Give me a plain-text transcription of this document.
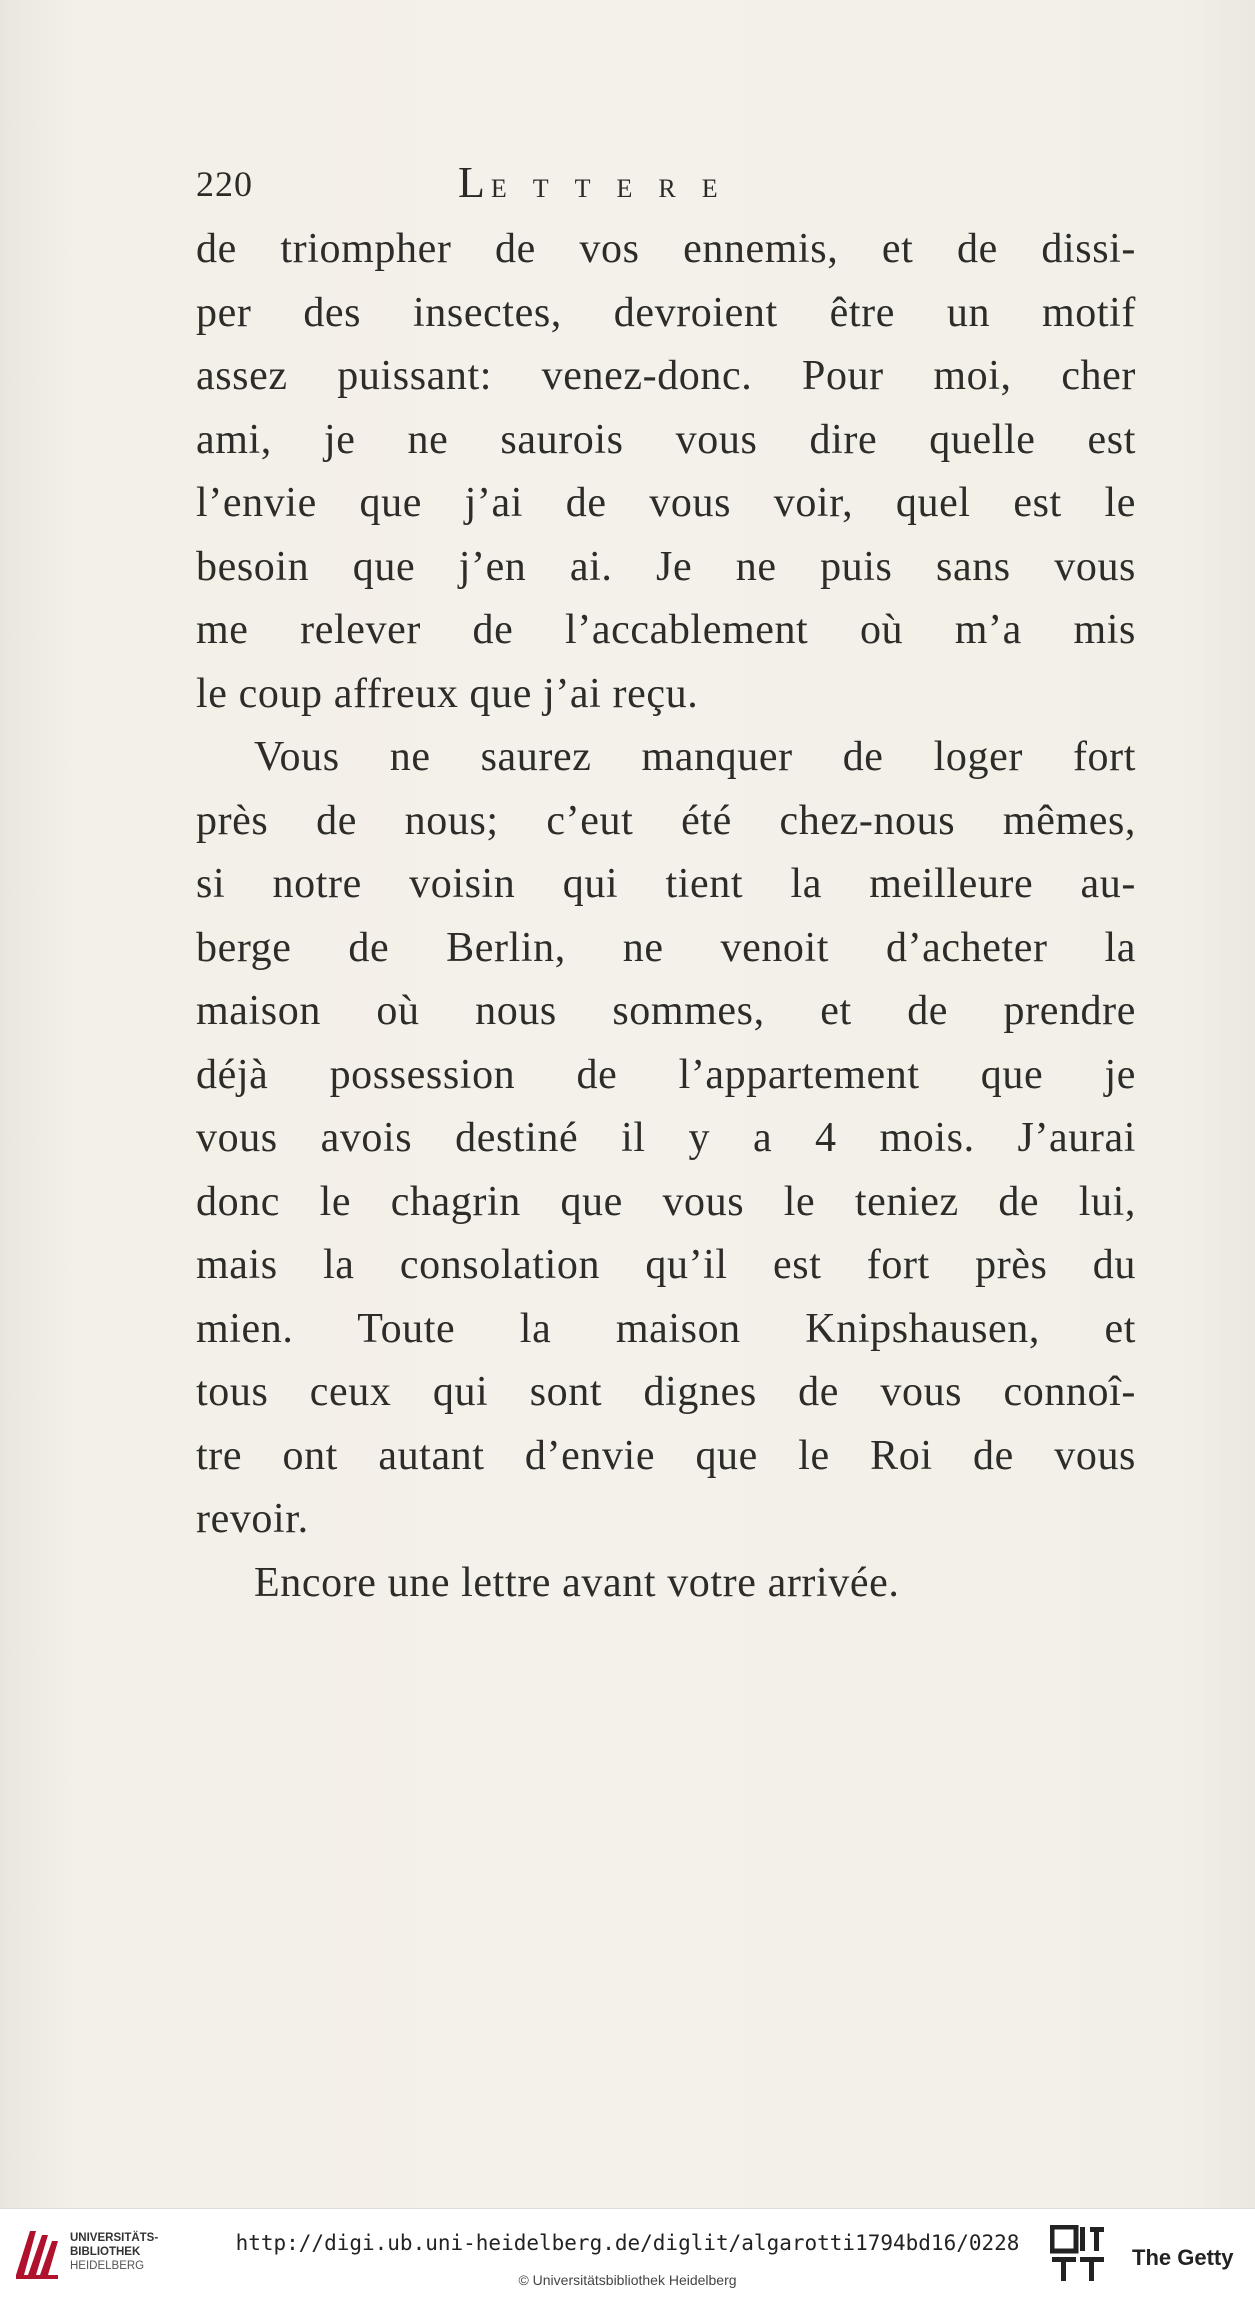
220	LETTERE
de triompher de vos ennemis, et de dissi-
per des insectes, devroient être un motif
assez puissant: venez-donc. Pour moi, cher
ami, je ne saurois vous dire quelle est
l’envie que j’ai de vous voir, quel est le
besoin que j’en ai. Je ne puis sans vous
me relever de l’accablement où m’a mis
le coup affreux que j’ai reçu.
Vous ne saurez manquer de loger fort
près de nous; c’eut été chez-nous mêmes,
si notre voisin qui tient la meilleure au-
berge de Berlin, ne venoit d’acheter la
maison où nous sommes, et de prendre
déjà possession de l’appartement que je
vous avois destiné il y a 4 mois. J’aurai
donc le chagrin que vous le teniez de lui,
mais la consolation qu’il est fort près du
mien. Toute la maison Knipshausen, et
tous ceux qui sont dignes de vous connoî-
tre ont autant d’envie que le Roi de vous
revoir.
Encore une lettre avant votre arrivée.
UNIVERSITÄTS-
BIBLIOTHEK
HEIDELBERG
http://digi.ub.uni-heidelberg.de/diglit/algarotti1794bd16/0228
© Universitätsbibliothek Heidelberg
The Getty
